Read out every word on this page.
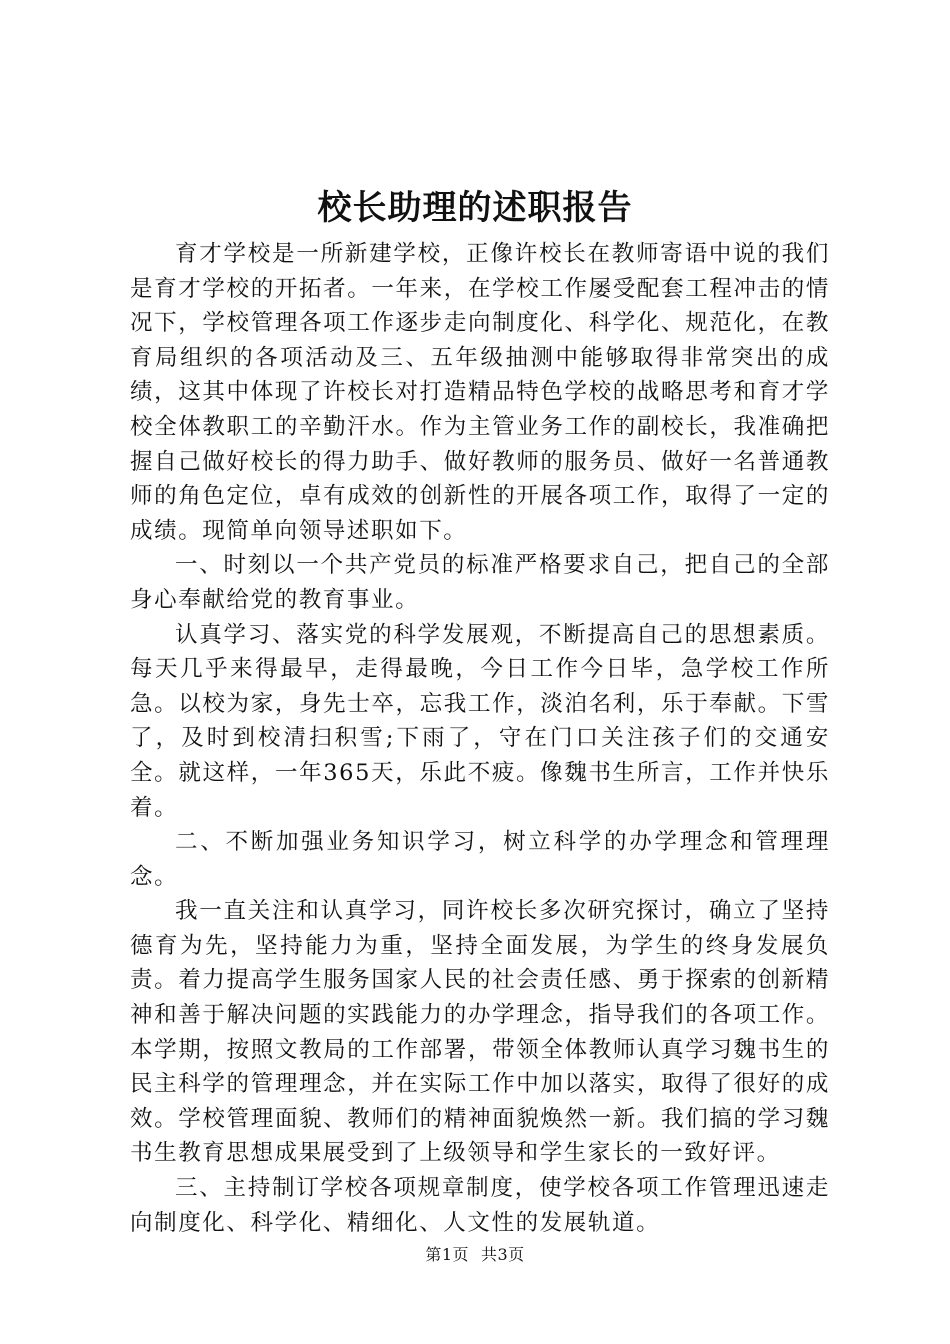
校长助理的述职报告

育才学校是一所新建学校，正像许校长在教师寄语中说的我们是育才学校的开拓者。一年来，在学校工作屡受配套工程冲击的情况下，学校管理各项工作逐步走向制度化、科学化、规范化，在教育局组织的各项活动及三、五年级抽测中能够取得非常突出的成绩，这其中体现了许校长对打造精品特色学校的战略思考和育才学校全体教职工的辛勤汗水。作为主管业务工作的副校长，我准确把握自己做好校长的得力助手、做好教师的服务员、做好一名普通教师的角色定位，卓有成效的创新性的开展各项工作，取得了一定的成绩。现简单向领导述职如下。

一、时刻以一个共产党员的标准严格要求自己，把自己的全部身心奉献给党的教育事业。

认真学习、落实党的科学发展观，不断提高自己的思想素质。每天几乎来得最早，走得最晚，今日工作今日毕，急学校工作所急。以校为家，身先士卒，忘我工作，淡泊名利，乐于奉献。下雪了，及时到校清扫积雪;下雨了，守在门口关注孩子们的交通安全。就这样，一年365天，乐此不疲。像魏书生所言，工作并快乐着。

二、不断加强业务知识学习，树立科学的办学理念和管理理念。

我一直关注和认真学习，同许校长多次研究探讨，确立了坚持德育为先，坚持能力为重，坚持全面发展，为学生的终身发展负责。着力提高学生服务国家人民的社会责任感、勇于探索的创新精神和善于解决问题的实践能力的办学理念，指导我们的各项工作。本学期，按照文教局的工作部署，带领全体教师认真学习魏书生的民主科学的管理理念，并在实际工作中加以落实，取得了很好的成效。学校管理面貌、教师们的精神面貌焕然一新。我们搞的学习魏书生教育思想成果展受到了上级领导和学生家长的一致好评。

三、主持制订学校各项规章制度，使学校各项工作管理迅速走向制度化、科学化、精细化、人文性的发展轨道。

第1页 共3页
